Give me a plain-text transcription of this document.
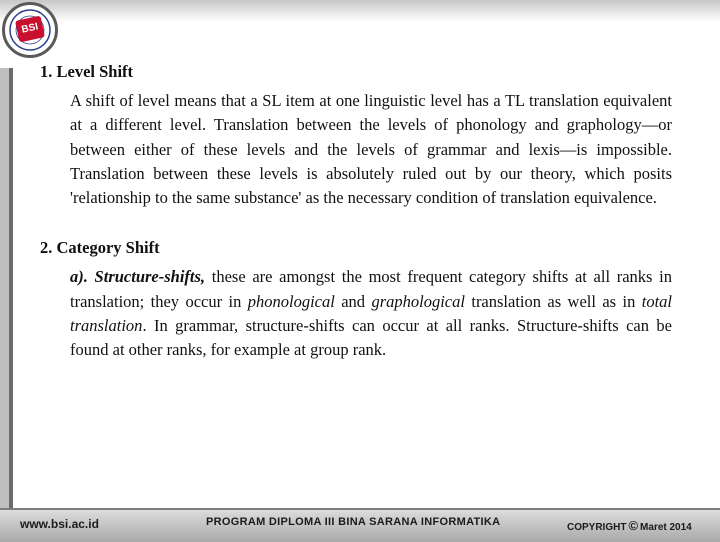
BSI

1. Level Shift

A shift of level means that a SL item at one linguistic level has a TL translation equivalent at a different level. Translation between the levels of phonology and graphology—or between either of these levels and the levels of grammar and lexis—is impossible. Translation between these levels is absolutely ruled out by our theory, which posits 'relationship to the same substance' as the necessary condition of translation equivalence.

2. Category Shift

a). Structure-shifts, these are amongst the most frequent category shifts at all ranks in translation; they occur in phonological and graphological translation as well as in total translation. In grammar, structure-shifts can occur at all ranks. Structure-shifts can be found at other ranks, for example at group rank.

www.bsi.ac.id	PROGRAM DIPLOMA III BINA SARANA INFORMATIKA	COPYRIGHT © Maret 2014
